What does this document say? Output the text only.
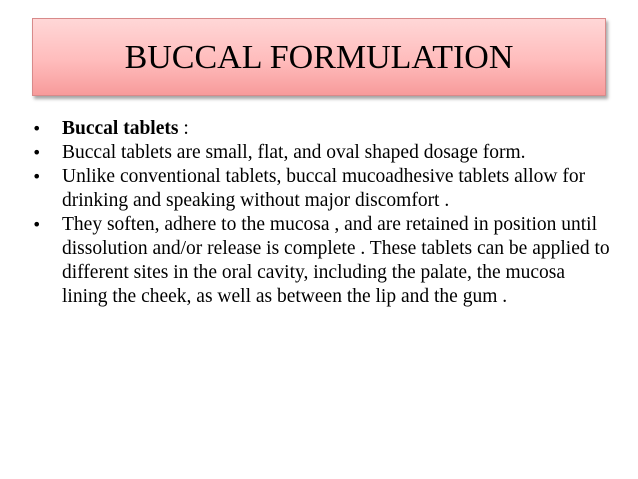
BUCCAL FORMULATION
• Buccal tablets :
• Buccal tablets are small, flat, and oval shaped dosage form.
• Unlike conventional tablets, buccal mucoadhesive tablets allow for drinking and speaking without major discomfort .
• They soften, adhere to the mucosa , and are retained in position until dissolution and/or release is complete . These tablets can be applied to different sites in the oral cavity, including the palate, the mucosa lining the cheek, as well as between the lip and the gum .
